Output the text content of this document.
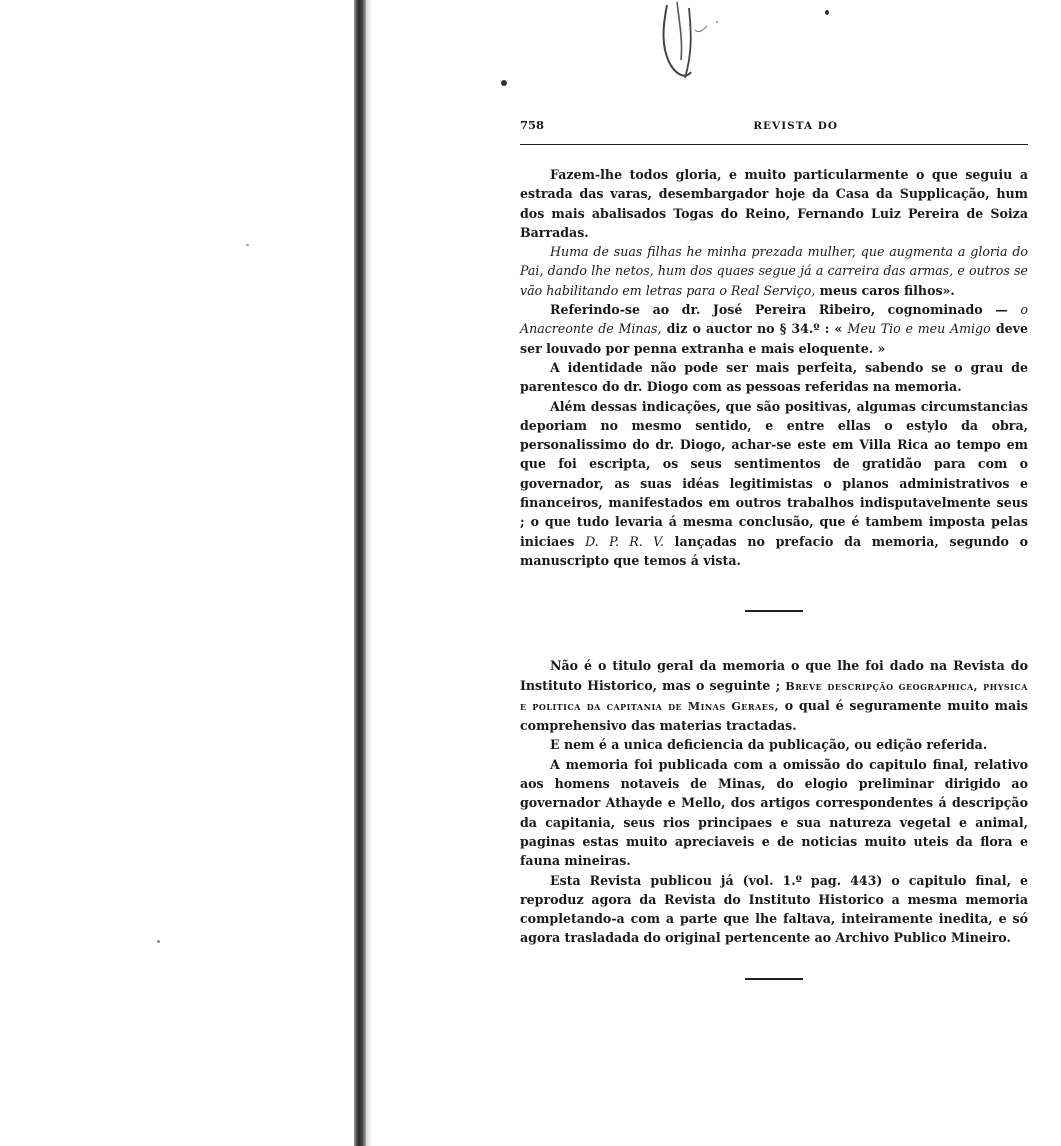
758	REVISTA DO

Fazem-lhe todos gloria, e muito particularmente o que seguiu a estrada das varas, desembargador hoje da Casa da Supplicação, hum dos mais abalisados Togas do Reino, Fernando Luiz Pereira de Soiza Barradas.

Huma de suas filhas he minha prezada mulher, que augmenta a gloria do Pai, dando lhe netos, hum dos quaes segue já a carreira das armas, e outros se vão habilitando em letras para o Real Serviço, meus caros filhos».

Referindo-se ao dr. José Pereira Ribeiro, cognominado — o Anacreonte de Minas, diz o auctor no § 34.º : « Meu Tio e meu Amigo deve ser louvado por penna extranha e mais eloquente. »

A identidade não pode ser mais perfeita, sabendo se o grau de parentesco do dr. Diogo com as pessoas referidas na memoria.

Além dessas indicações, que são positivas, algumas circumstancias deporiam no mesmo sentido, e entre ellas o estylo da obra, personalissimo do dr. Diogo, achar-se este em Villa Rica ao tempo em que foi escripta, os seus sentimentos de gratidão para com o governador, as suas idéas legitimistas o planos administrativos e financeiros, manifestados em outros trabalhos indisputavelmente seus ; o que tudo levaria á mesma conclusão, que é tambem imposta pelas iniciaes D. P. R. V. lançadas no prefacio da memoria, segundo o manuscripto que temos á vista.

Não é o titulo geral da memoria o que lhe foi dado na Revista do Instituto Historico, mas o seguinte ; Breve descripção geographica, physica e politica da capitania de Minas Geraes, o qual é seguramente muito mais comprehensivo das materias tractadas.

E nem é a unica deficiencia da publicação, ou edição referida.

A memoria foi publicada com a omissão do capitulo final, relativo aos homens notaveis de Minas, do elogio preliminar dirigido ao governador Athayde e Mello, dos artigos correspondentes á descripção da capitania, seus rios principaes e sua natureza vegetal e animal, paginas estas muito apreciaveis e de noticias muito uteis da flora e fauna mineiras.

Esta Revista publicou já (vol. 1.º pag. 443) o capitulo final, e reproduz agora da Revista do Instituto Historico a mesma memoria completando-a com a parte que lhe faltava, inteiramente inedita, e só agora trasladada do original pertencente ao Archivo Publico Mineiro.
